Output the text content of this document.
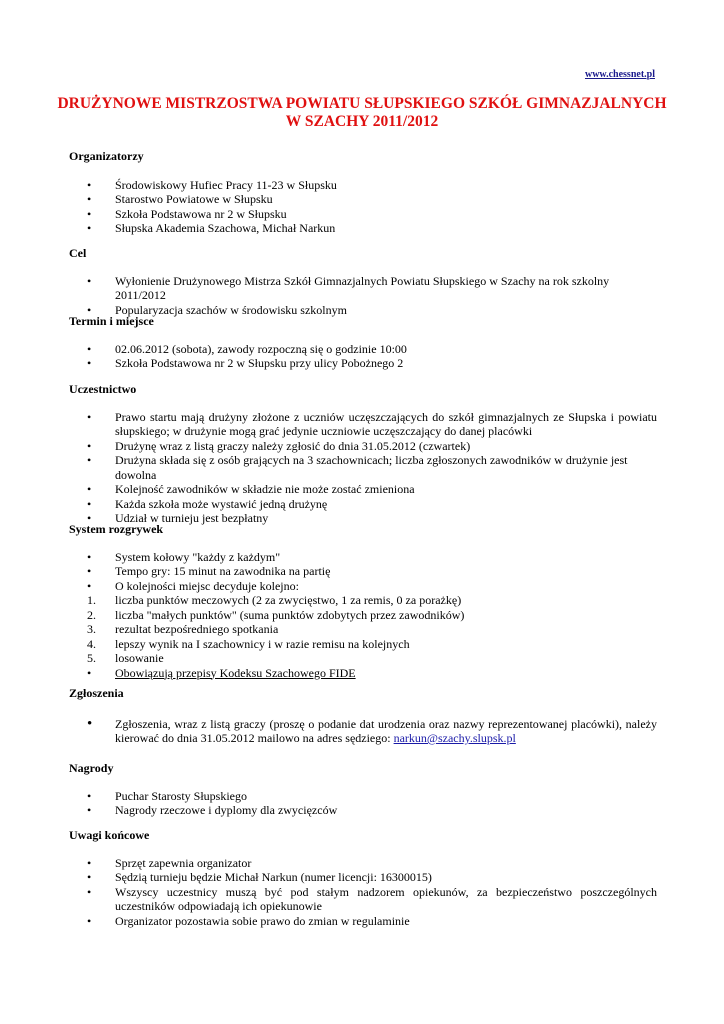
www.chessnet.pl
DRUŻYNOWE MISTRZOSTWA POWIATU SŁUPSKIEGO SZKÓŁ GIMNAZJALNYCH
W SZACHY 2011/2012

Organizatorzy

•	Środowiskowy Hufiec Pracy 11-23 w Słupsku
•	Starostwo Powiatowe w Słupsku
•	Szkoła Podstawowa nr 2 w Słupsku
•	Słupska Akademia Szachowa, Michał Narkun

Cel

•	Wyłonienie Drużynowego Mistrza Szkół Gimnazjalnych Powiatu Słupskiego w Szachy na rok szkolny 2011/2012
•	Popularyzacja szachów w środowisku szkolnym

Termin i miejsce

•	02.06.2012 (sobota), zawody rozpoczną się o godzinie 10:00
•	Szkoła Podstawowa nr 2 w Słupsku przy ulicy Pobożnego 2

Uczestnictwo

•	Prawo startu mają drużyny złożone z uczniów uczęszczających do szkół gimnazjalnych ze Słupska i powiatu słupskiego; w drużynie mogą grać jedynie uczniowie uczęszczający do danej placówki
•	Drużynę wraz z listą graczy należy zgłosić do dnia 31.05.2012 (czwartek)
•	Drużyna składa się z osób grających na 3 szachownicach; liczba zgłoszonych zawodników w drużynie jest dowolna
•	Kolejność zawodników w składzie nie może zostać zmieniona
•	Każda szkoła może wystawić jedną drużynę
•	Udział w turnieju jest bezpłatny

System rozgrywek

•	System kołowy "każdy z każdym"
•	Tempo gry: 15 minut na zawodnika na partię
•	O kolejności miejsc decyduje kolejno:
1. liczba punktów meczowych (2 za zwycięstwo, 1 za remis, 0 za porażkę)
2. liczba "małych punktów" (suma punktów zdobytych przez zawodników)
3. rezultat bezpośredniego spotkania
4. lepszy wynik na I szachownicy i w razie remisu na kolejnych
5. losowanie
•	Obowiązują przepisy Kodeksu Szachowego FIDE

Zgłoszenia

•	Zgłoszenia, wraz z listą graczy (proszę o podanie dat urodzenia oraz nazwy reprezentowanej placówki), należy kierować do dnia 31.05.2012 mailowo na adres sędziego: narkun@szachy.slupsk.pl

Nagrody

•	Puchar Starosty Słupskiego
•	Nagrody rzeczowe i dyplomy dla zwycięzców

Uwagi końcowe

•	Sprzęt zapewnia organizator
•	Sędzią turnieju będzie Michał Narkun (numer licencji: 16300015)
•	Wszyscy uczestnicy muszą być pod stałym nadzorem opiekunów, za bezpieczeństwo poszczególnych uczestników odpowiadają ich opiekunowie
•	Organizator pozostawia sobie prawo do zmian w regulaminie
